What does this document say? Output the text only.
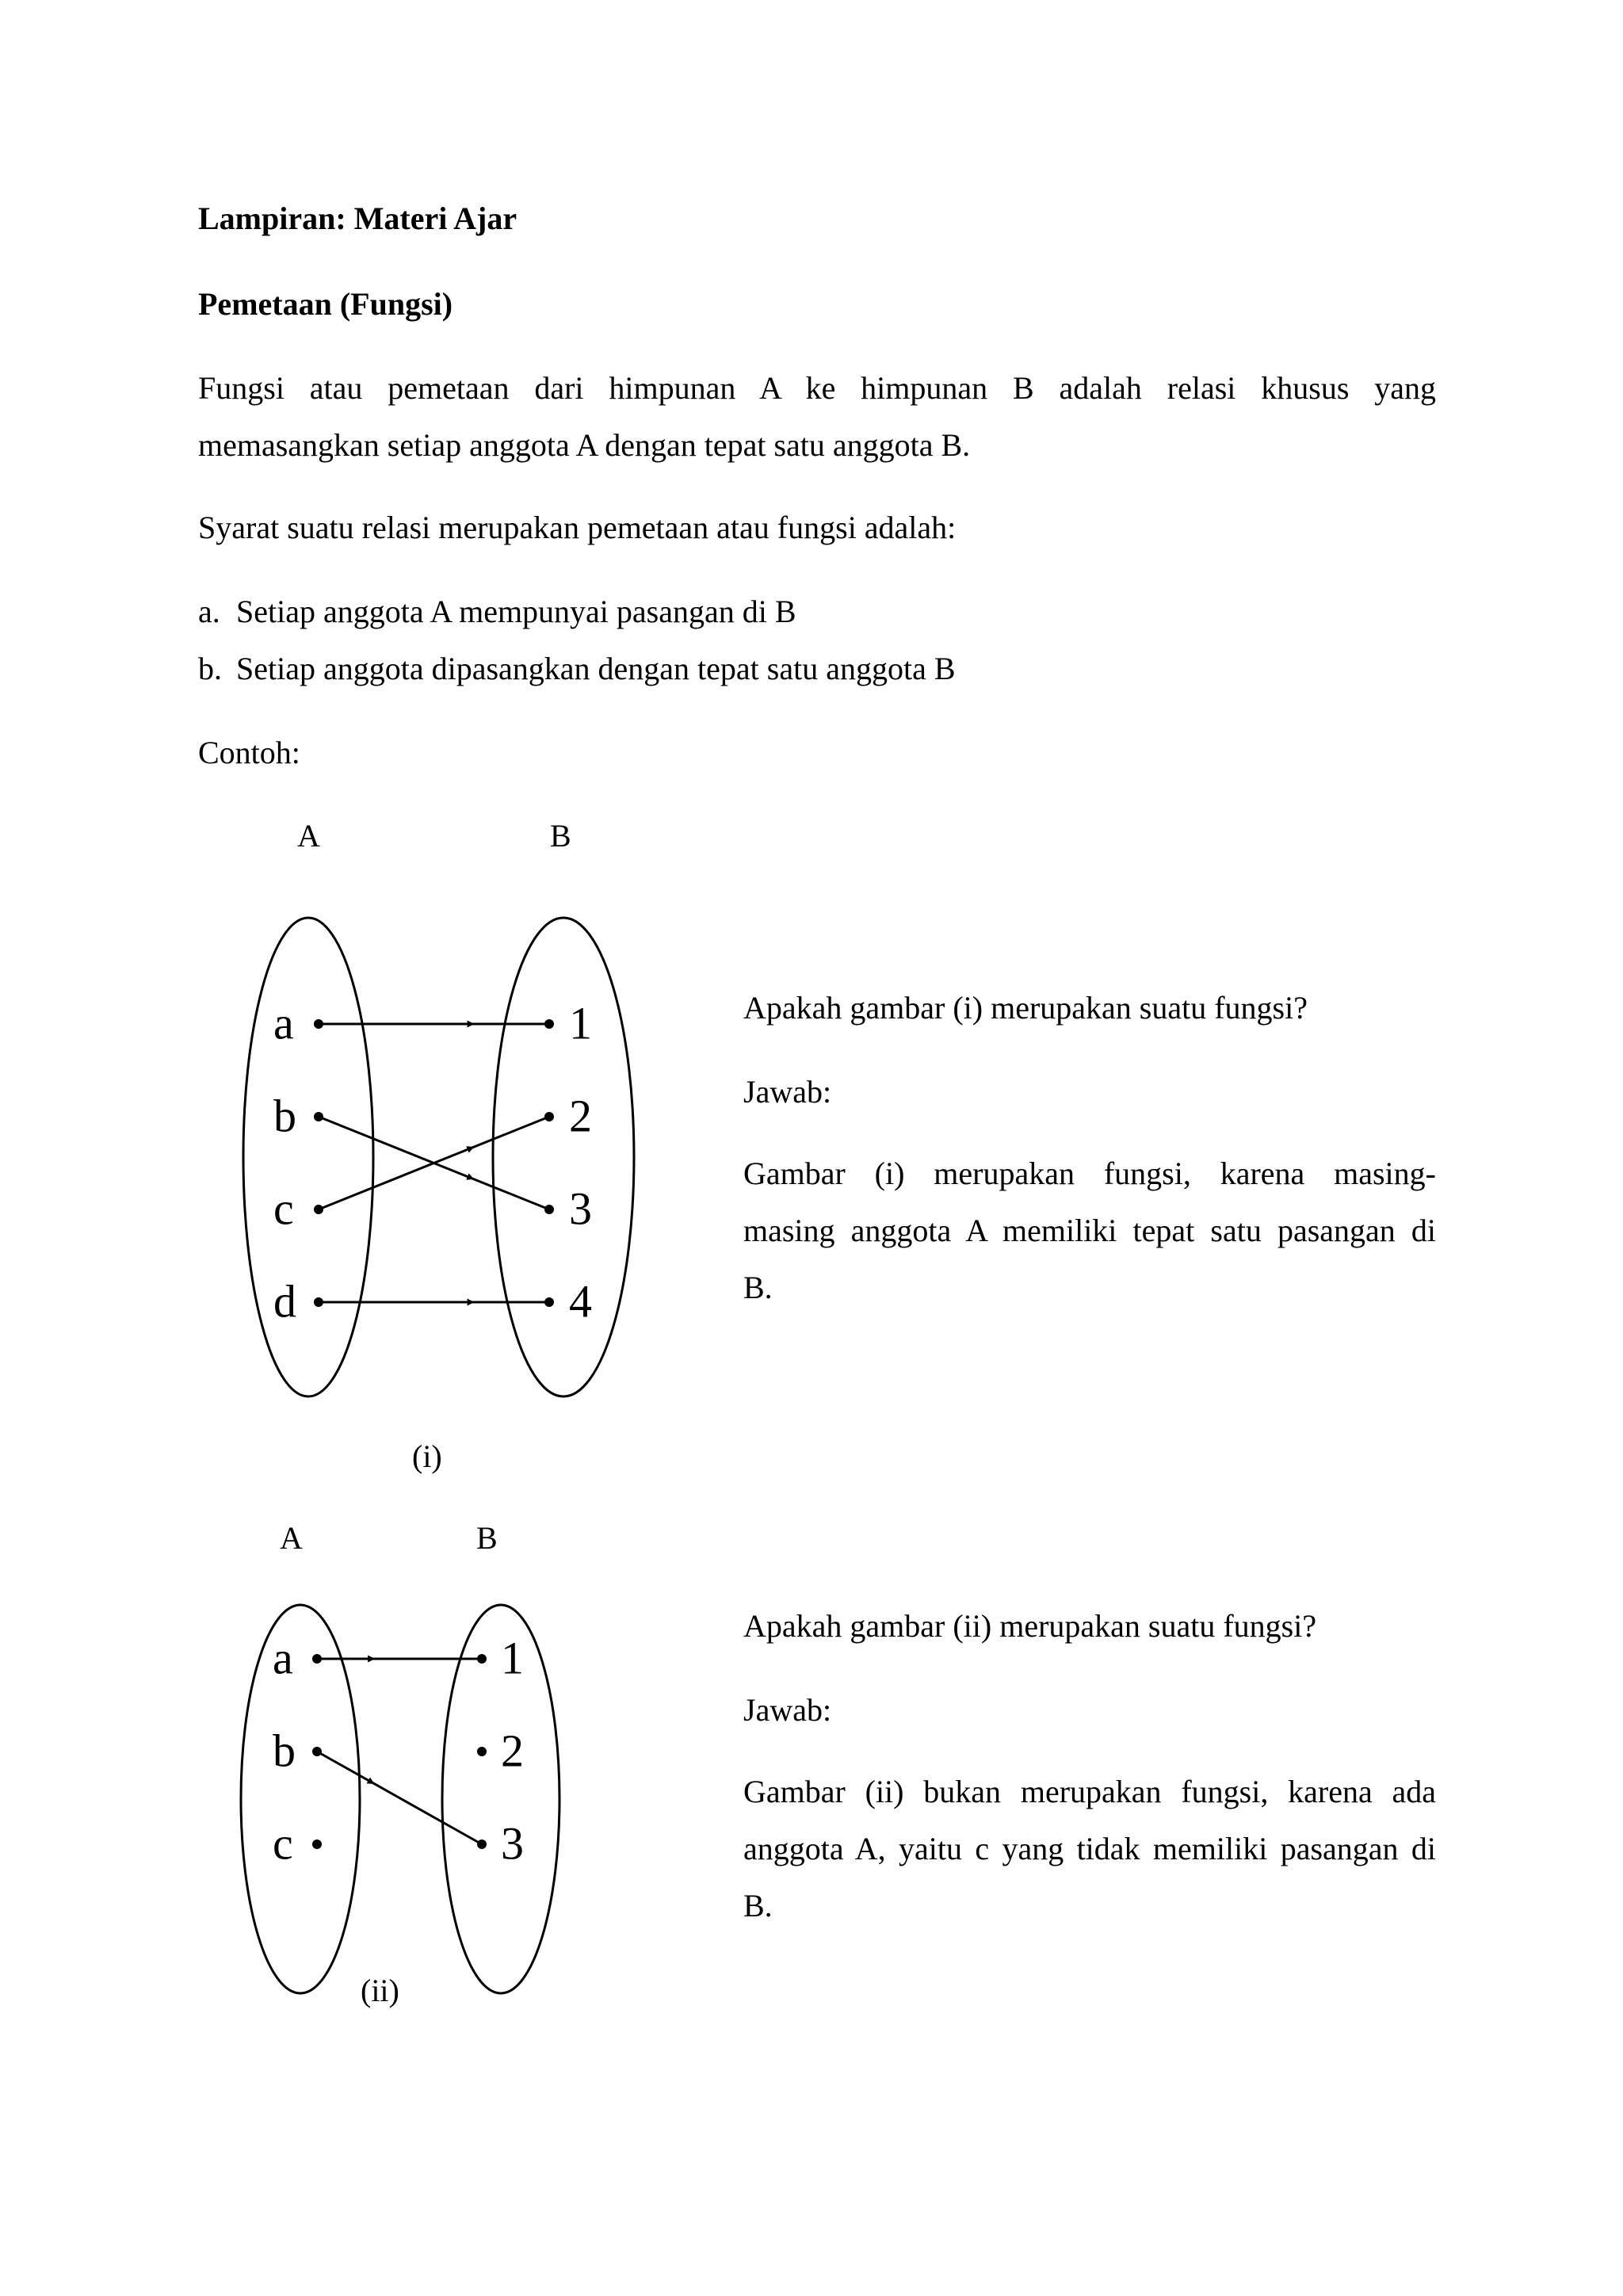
Lampiran: Materi Ajar
Pemetaan (Fungsi)
Fungsi atau pemetaan dari himpunan A ke himpunan B adalah relasi khusus yang
memasangkan setiap anggota A dengan tepat satu anggota B.
Syarat suatu relasi merupakan pemetaan atau fungsi adalah:
a. Setiap anggota A mempunyai pasangan di B
b. Setiap anggota dipasangkan dengan tepat satu anggota B
Contoh:
A	B
a
b
c
d
1
2
3
4
(i)
Apakah gambar (i) merupakan suatu fungsi?
Jawab:
Gambar (i) merupakan fungsi, karena masing-
masing anggota A memiliki tepat satu pasangan di
B.
A	B
a
b
c
1
2
3
(ii)
Apakah gambar (ii) merupakan suatu fungsi?
Jawab:
Gambar (ii) bukan merupakan fungsi, karena ada
anggota A, yaitu c yang tidak memiliki pasangan di
B.
